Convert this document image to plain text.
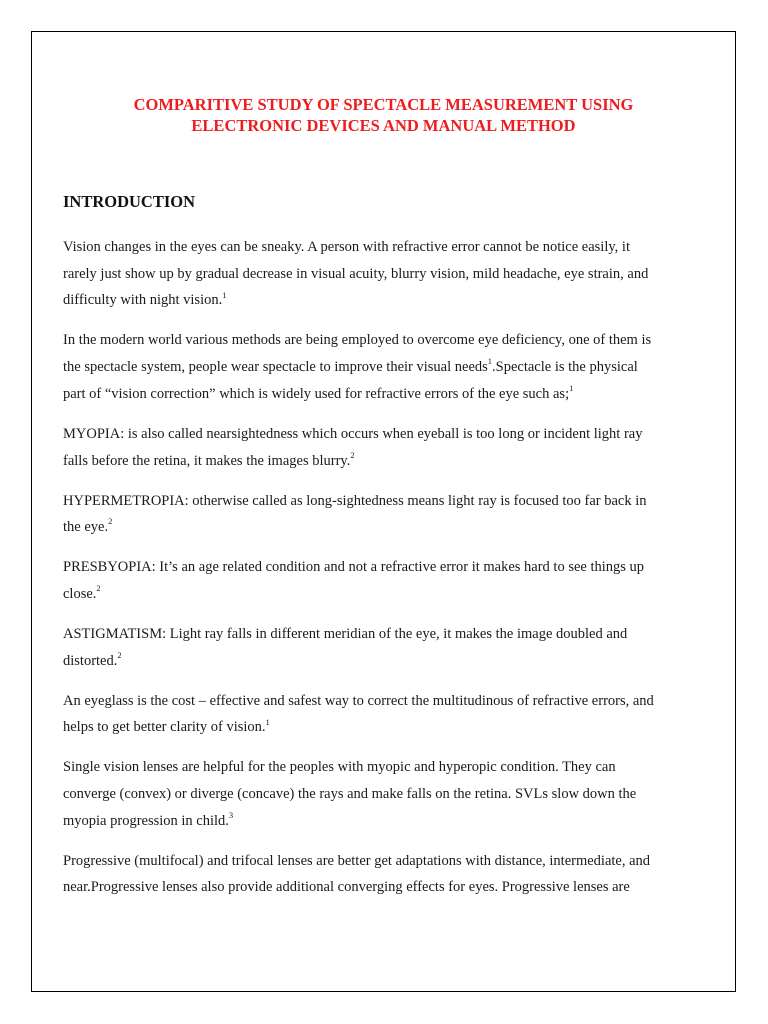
COMPARITIVE STUDY OF SPECTACLE MEASUREMENT USING
ELECTRONIC DEVICES AND MANUAL METHOD
INTRODUCTION
Vision changes in the eyes can be sneaky. A person with refractive error cannot be notice easily, it
rarely just show up by gradual decrease in visual acuity, blurry vision, mild headache, eye strain, and
difficulty with night vision.$^1$
In the modern world various methods are being employed to overcome eye deficiency, one of them is
the spectacle system, people wear spectacle to improve their visual needs$^1$.Spectacle is the physical
part of “vision correction” which is widely used for refractive errors of the eye such as;$^1$
MYOPIA: is also called nearsightedness which occurs when eyeball is too long or incident light ray
falls before the retina, it makes the images blurry.$^2$
HYPERMETROPIA: otherwise called as long-sightedness means light ray is focused too far back in
the eye.$^2$
PRESBYOPIA: It’s an age related condition and not a refractive error it makes hard to see things up
close.$^2$
ASTIGMATISM: Light ray falls in different meridian of the eye, it makes the image doubled and
distorted.$^2$
An eyeglass is the cost – effective and safest way to correct the multitudinous of refractive errors, and
helps to get better clarity of vision.$^1$
Single vision lenses are helpful for the peoples with myopic and hyperopic condition. They can
converge (convex) or diverge (concave) the rays and make falls on the retina. SVLs slow down the
myopia progression in child.$^3$
Progressive (multifocal) and trifocal lenses are better get adaptations with distance, intermediate, and
near.Progressive lenses also provide additional converging effects for eyes. Progressive lenses are
